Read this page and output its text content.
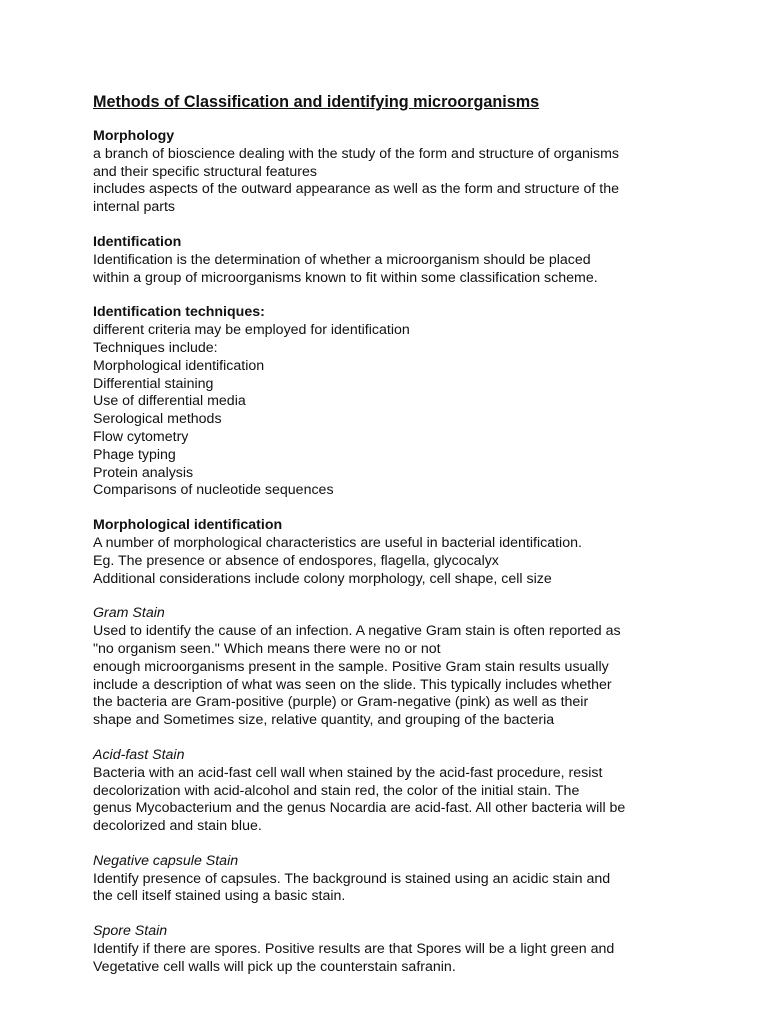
Methods of Classification and identifying microorganisms
Morphology
a branch of bioscience dealing with the study of the form and structure of organisms
and their specific structural features
includes aspects of the outward appearance as well as the form and structure of the
internal parts
Identification
Identification is the determination of whether a microorganism should be placed
within a group of microorganisms known to fit within some classification scheme.
Identification techniques:
different criteria may be employed for identification
Techniques include:
Morphological identification
Differential staining
Use of differential media
Serological methods
Flow cytometry
Phage typing
Protein analysis
Comparisons of nucleotide sequences
Morphological identification
A number of morphological characteristics are useful in bacterial identification.
Eg. The presence or absence of endospores, flagella, glycocalyx
Additional considerations include colony morphology, cell shape, cell size
Gram Stain
Used to identify the cause of an infection. A negative Gram stain is often reported as
"no organism seen." Which means there were no or not
enough microorganisms present in the sample. Positive Gram stain results usually
include a description of what was seen on the slide. This typically includes whether
the bacteria are Gram-positive (purple) or Gram-negative (pink) as well as their
shape and Sometimes size, relative quantity, and grouping of the bacteria
Acid-fast Stain
Bacteria with an acid-fast cell wall when stained by the acid-fast procedure, resist
decolorization with acid-alcohol and stain red, the color of the initial stain. The
genus Mycobacterium and the genus Nocardia are acid-fast. All other bacteria will be
decolorized and stain blue.
Negative capsule Stain
Identify presence of capsules. The background is stained using an acidic stain and
the cell itself stained using a basic stain.
Spore Stain
Identify if there are spores. Positive results are that Spores will be a light green and
Vegetative cell walls will pick up the counterstain safranin.
